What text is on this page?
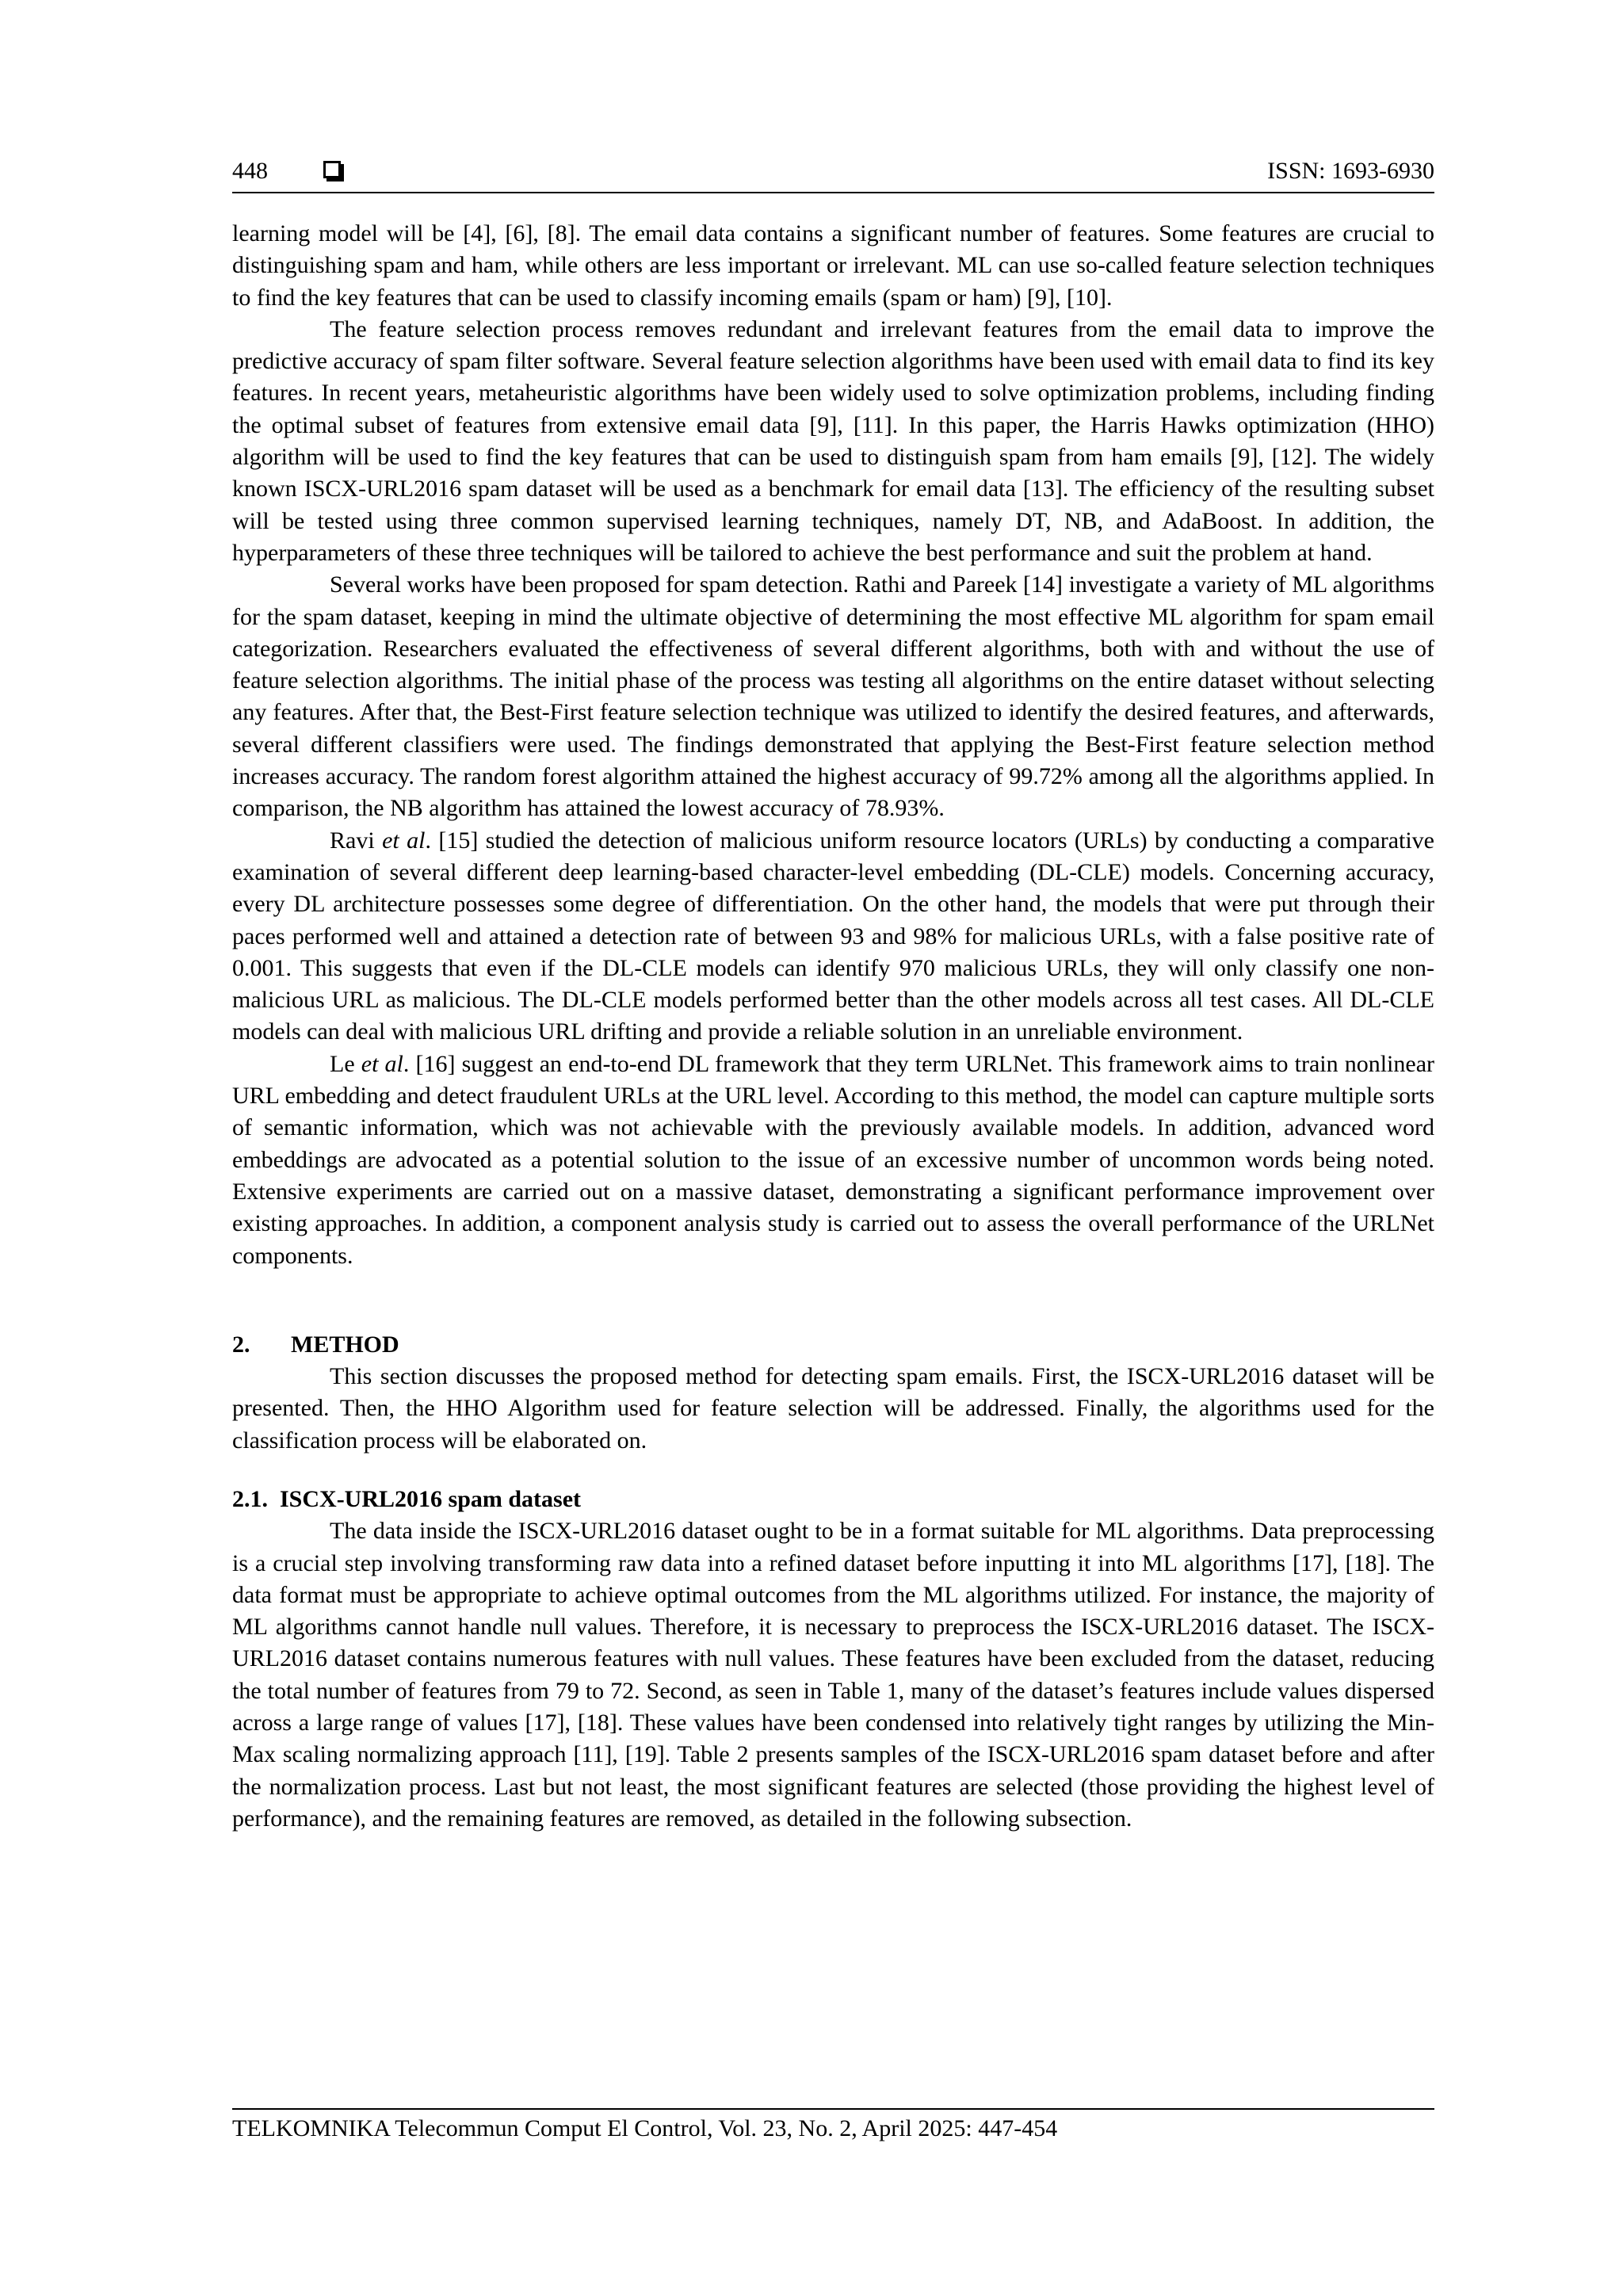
448	ISSN: 1693-6930

learning model will be [4], [6], [8]. The email data contains a significant number of features. Some features are crucial to distinguishing spam and ham, while others are less important or irrelevant. ML can use so-called feature selection techniques to find the key features that can be used to classify incoming emails (spam or ham) [9], [10].

The feature selection process removes redundant and irrelevant features from the email data to improve the predictive accuracy of spam filter software. Several feature selection algorithms have been used with email data to find its key features. In recent years, metaheuristic algorithms have been widely used to solve optimization problems, including finding the optimal subset of features from extensive email data [9], [11]. In this paper, the Harris Hawks optimization (HHO) algorithm will be used to find the key features that can be used to distinguish spam from ham emails [9], [12]. The widely known ISCX-URL2016 spam dataset will be used as a benchmark for email data [13]. The efficiency of the resulting subset will be tested using three common supervised learning techniques, namely DT, NB, and AdaBoost. In addition, the hyperparameters of these three techniques will be tailored to achieve the best performance and suit the problem at hand.

Several works have been proposed for spam detection. Rathi and Pareek [14] investigate a variety of ML algorithms for the spam dataset, keeping in mind the ultimate objective of determining the most effective ML algorithm for spam email categorization. Researchers evaluated the effectiveness of several different algorithms, both with and without the use of feature selection algorithms. The initial phase of the process was testing all algorithms on the entire dataset without selecting any features. After that, the Best-First feature selection technique was utilized to identify the desired features, and afterwards, several different classifiers were used. The findings demonstrated that applying the Best-First feature selection method increases accuracy. The random forest algorithm attained the highest accuracy of 99.72% among all the algorithms applied. In comparison, the NB algorithm has attained the lowest accuracy of 78.93%.

Ravi et al. [15] studied the detection of malicious uniform resource locators (URLs) by conducting a comparative examination of several different deep learning-based character-level embedding (DL-CLE) models. Concerning accuracy, every DL architecture possesses some degree of differentiation. On the other hand, the models that were put through their paces performed well and attained a detection rate of between 93 and 98% for malicious URLs, with a false positive rate of 0.001. This suggests that even if the DL-CLE models can identify 970 malicious URLs, they will only classify one non-malicious URL as malicious. The DL-CLE models performed better than the other models across all test cases. All DL-CLE models can deal with malicious URL drifting and provide a reliable solution in an unreliable environment.

Le et al. [16] suggest an end-to-end DL framework that they term URLNet. This framework aims to train nonlinear URL embedding and detect fraudulent URLs at the URL level. According to this method, the model can capture multiple sorts of semantic information, which was not achievable with the previously available models. In addition, advanced word embeddings are advocated as a potential solution to the issue of an excessive number of uncommon words being noted. Extensive experiments are carried out on a massive dataset, demonstrating a significant performance improvement over existing approaches. In addition, a component analysis study is carried out to assess the overall performance of the URLNet components.

2. METHOD

This section discusses the proposed method for detecting spam emails. First, the ISCX-URL2016 dataset will be presented. Then, the HHO Algorithm used for feature selection will be addressed. Finally, the algorithms used for the classification process will be elaborated on.

2.1.  ISCX-URL2016 spam dataset

The data inside the ISCX-URL2016 dataset ought to be in a format suitable for ML algorithms. Data preprocessing is a crucial step involving transforming raw data into a refined dataset before inputting it into ML algorithms [17], [18]. The data format must be appropriate to achieve optimal outcomes from the ML algorithms utilized. For instance, the majority of ML algorithms cannot handle null values. Therefore, it is necessary to preprocess the ISCX-URL2016 dataset. The ISCX-URL2016 dataset contains numerous features with null values. These features have been excluded from the dataset, reducing the total number of features from 79 to 72. Second, as seen in Table 1, many of the dataset’s features include values dispersed across a large range of values [17], [18]. These values have been condensed into relatively tight ranges by utilizing the Min-Max scaling normalizing approach [11], [19]. Table 2 presents samples of the ISCX-URL2016 spam dataset before and after the normalization process. Last but not least, the most significant features are selected (those providing the highest level of performance), and the remaining features are removed, as detailed in the following subsection.

TELKOMNIKA Telecommun Comput El Control, Vol. 23, No. 2, April 2025: 447-454
